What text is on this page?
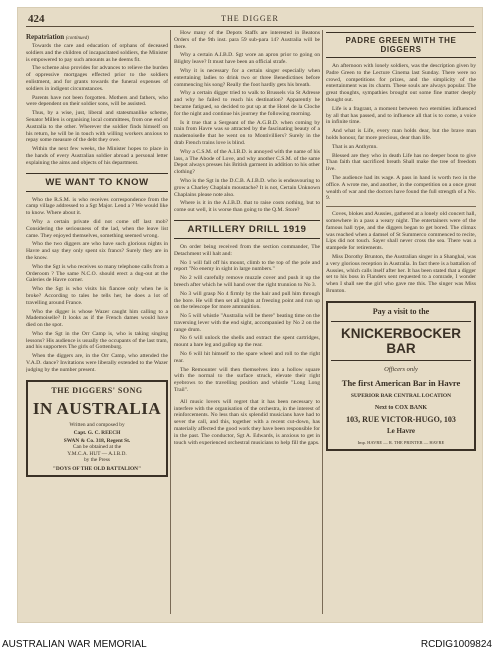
424	THE DIGGER
Repatriation (continued)

Towards the care and education of orphans of deceased soldiers and the children of incapacitated soldiers, the Minister is empowered to pay such amounts as he deems fit.

The scheme also provides for advances to relieve the burden of oppressive mortgages effected prior to the soldiers enlistment, and for grants towards the funeral expenses of soldiers in indigent circumstances.

Parents have not been forgotten. Mothers and fathers, who were dependent on their soldier sons, will be assisted.

Thus, by a wise, just, liberal and statesmanlike scheme, Senator Millen is organising local committees, from one end of Australia to the other. Wherever the soldier finds himself on his return, he will be in touch with willing workers anxious to repay some measure of the debt they owe.

Within the next few weeks, the Minister hopes to place in the hands of every Australian soldier abroad a personal letter explaining the aims and objects of his department.

WE WANT TO KNOW

Who the R.S.M. is who receives correspondence from the camp village addressed to a Sgt Major. Lend a ? We would like to know. Where about it.

Why a certain private did not come off last mob? Considering the seriousness of the lad, when the leave list came. They enjoyed themselves, something seemed wrong.

Who the two diggers are who have such glorious nights in Havre and say they only spent six francs? Surely they are in the know.

Who the Sgt is who receives so many telephone calls from a Orderoom ? The same N.C.O. should erect a dug-out at the Galeries de Havre corner.

Who the Sgt is who visits his fiancee only when he is broke? According to tales he tells her, he does a lot of travelling around France.

Who the digger is whose Wazer caught him calling to a Mademoiselle? It looks as if the French dames would have died on the spot.

Who the Sgt in the Orr Camp is, who is taking singing lessons? His audience is usually the occupants of the last tram, and his supporters The girls of Gottenburg.

When the diggers are, in the Orr Camp, who attended the V.A.D. dance? Invitations were liberally extended to the Wazer judging by the number present.

THE DIGGERS' SONG
IN AUSTRALIA
Written and composed by
Capt. G. C. REECH
SWAN & Co. 318, Regent St.
Can be obtained at the
Y.M.C.A. HUT — A.I.B.D.
by the Press
"DOYS OF THE OLD BATTALION"

How many of the Depots Staffs are interested in Beatons Orders of the 9th inst. para 59 sub-para 14? Australia will be there.

Why a certain A.I.B.D. Sgt wore an apron prior to going on Blighty leave? It must have been an official strafe.

Why it is necessary for a certain singer especially when entertaining ladies to drink two or three Benedictines before commencing his song? Really the foot hardly gets his breath.

Why a certain digger tried to walk to Brussels via St Adresse and why he failed to reach his destination? Apparently he became fatigued, so decided to put up at the Hotel de la Cloche for the night and continue his journey the following morning.

Is it true that a Sergeant of the A.G.B.D. when coming by train from Havre was so attracted by the fascinating beauty of a mademoiselle that he went on to Montivilliers? Surely in the drab French trains love is blind.

Why a C.S.M. of the A.I.B.D. is annoyed with the name of his lass, a The Abode of Love, and why another C.S.M. of the same Depot always presses his British garment in addition to his other clothing?

Who is the Sgt in the D.C.B. A.I.B.D. who is endeavouring to grow a Charley Chaplain moustache? It is not, Certain Unknown Chaplains please note also.

Where is it in the A.I.B.D. that to raise costs nothing, but to come out well, it is worse than going to the Q.M. Store?

ARTILLERY DRILL 1919

On order being received from the section commander, The Detachment will halt and:

No 1 will fall off his mount, climb to the top of the pole and report "No enemy in sight in large numbers."

No 2 will carefully remove muzzle cover and push it up the breech after which he will hand over the right trunnion to No 3.

No 3 will grasp No 4 firmly by the hair and pull him through the bore. He will then set all sights at freezing point and run up on the telescope for more ammunition.

No 5 will whistle "Australia will be there" beating time on the traversing lever with the end sight, accompanied by No 2 on the range drum.

No 6 will unlock the shells and extract the spent cartridges, mount a bare leg and gallop up the rear.

No 6 will hit himself to the spare wheel and roll to the right rear.

The Remounter will then themselves into a hollow square with the normal to the surface struck, elevate their right eyebrows to the travelling position and whistle "Long Long Trail".

All music lovers will regret that it has been necessary to interfere with the organisation of the orchestra, in the interest of reinforcements. No less than six splendid musicians have had to sever the call, and this, together with a recent cut-down, has materially affected the good work they have been responsible for in the past. The conductor, Sgt A. Edwards, is anxious to get in touch with experienced orchestral musicians to help fill the gaps.

PADRE GREEN WITH THE DIGGERS

An afternoon with lonely soldiers, was the description given by Padre Green to the Lecture Cinema last Sunday. There were no crowd, competitions for prizes, and the simplicity of the entertainment was its charm. These souls are always popular. The great thoughts, sympathies brought out some fine matter deeply thought out.

Life is a fragrant, a moment between two eternities influenced by all that has passed, and to influence all that is to come, a voice in infinite time.

And what is Life, every man holds dear, but the brave man holds honour, far more precious, dear than life.

That is an Anthymn.

Blessed are they who in death Life has no deeper boon to give Than faith that sacrificed breath Shall make the tree of freedom live.

The audience had its wage. A pass in hand is worth two in the office. A wrote me, and another, in the competition on a once great wealth of war and the doctors have found the full strength of a No. 9.

Coves, blokes and Aussies, gathered at a lonely old concert hall, somewhere in a pass a weary night. The entertainers were of the famous hall type, and the diggers began to get bored. The climax was reached when a damsel of St Summerco commenced to recite, Lips did not touch. Sayer shall never cross the sea. There was a stampede for retirements.

Miss Dorothy Brunton, the Australian singer in a Shanghai, was a very glorious reception in Australia. In fact there is a battalion of Aussies, which calls itself after her. It has been stated that a digger set to his boss in Flanders sent requested to a comrade, I wonder when I shall see the girl who gave me this. The singer was Miss Brunton.

Pay a visit to the
KNICKERBOCKER BAR
Officers only
The first American Bar in Havre
SUPERIOR BAR CENTRAL LOCATION
Next to COX BANK
103, RUE VICTOR-HUGO, 103
Le Havre
Imp. HAVRE — R. THE PRINTER — HAVRE
AUSTRALIAN WAR MEMORIAL	RCDIG1009824
